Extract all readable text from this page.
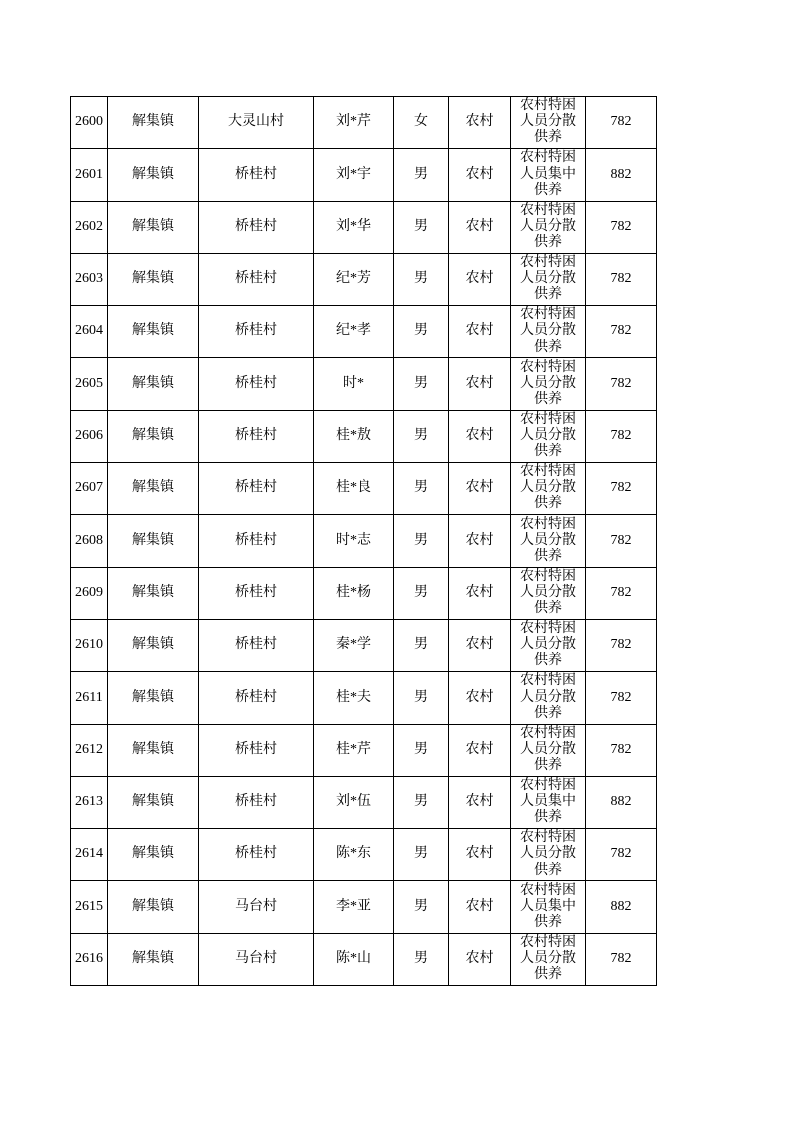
2600	解集镇	大灵山村	刘*芹	女	农村	农村特困人员分散供养	782
2601	解集镇	桥桂村	刘*宇	男	农村	农村特困人员集中供养	882
2602	解集镇	桥桂村	刘*华	男	农村	农村特困人员分散供养	782
2603	解集镇	桥桂村	纪*芳	男	农村	农村特困人员分散供养	782
2604	解集镇	桥桂村	纪*孝	男	农村	农村特困人员分散供养	782
2605	解集镇	桥桂村	时*	男	农村	农村特困人员分散供养	782
2606	解集镇	桥桂村	桂*敖	男	农村	农村特困人员分散供养	782
2607	解集镇	桥桂村	桂*良	男	农村	农村特困人员分散供养	782
2608	解集镇	桥桂村	时*志	男	农村	农村特困人员分散供养	782
2609	解集镇	桥桂村	桂*杨	男	农村	农村特困人员分散供养	782
2610	解集镇	桥桂村	秦*学	男	农村	农村特困人员分散供养	782
2611	解集镇	桥桂村	桂*夫	男	农村	农村特困人员分散供养	782
2612	解集镇	桥桂村	桂*芹	男	农村	农村特困人员分散供养	782
2613	解集镇	桥桂村	刘*伍	男	农村	农村特困人员集中供养	882
2614	解集镇	桥桂村	陈*东	男	农村	农村特困人员分散供养	782
2615	解集镇	马台村	李*亚	男	农村	农村特困人员集中供养	882
2616	解集镇	马台村	陈*山	男	农村	农村特困人员分散供养	782
